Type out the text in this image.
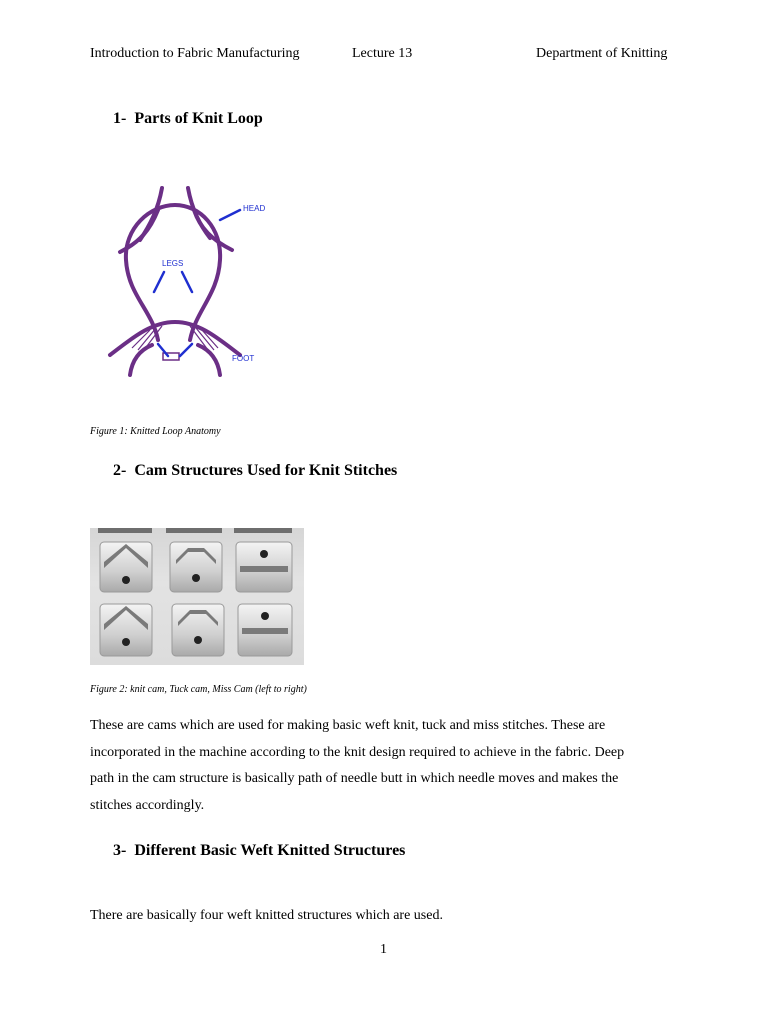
Introduction to Fabric Manufacturing	Lecture 13	Department of Knitting
1- Parts of Knit Loop
HEAD
LEGS
FOOT
Figure 1: Knitted Loop Anatomy
2- Cam Structures Used for Knit Stitches
Figure 2: knit cam, Tuck cam, Miss Cam (left to right)
These are cams which are used for making basic weft knit, tuck and miss stitches. These are
incorporated in the machine according to the knit design required to achieve in the fabric. Deep
path in the cam structure is basically path of needle butt in which needle moves and makes the
stitches accordingly.
3- Different Basic Weft Knitted Structures
There are basically four weft knitted structures which are used.
1
